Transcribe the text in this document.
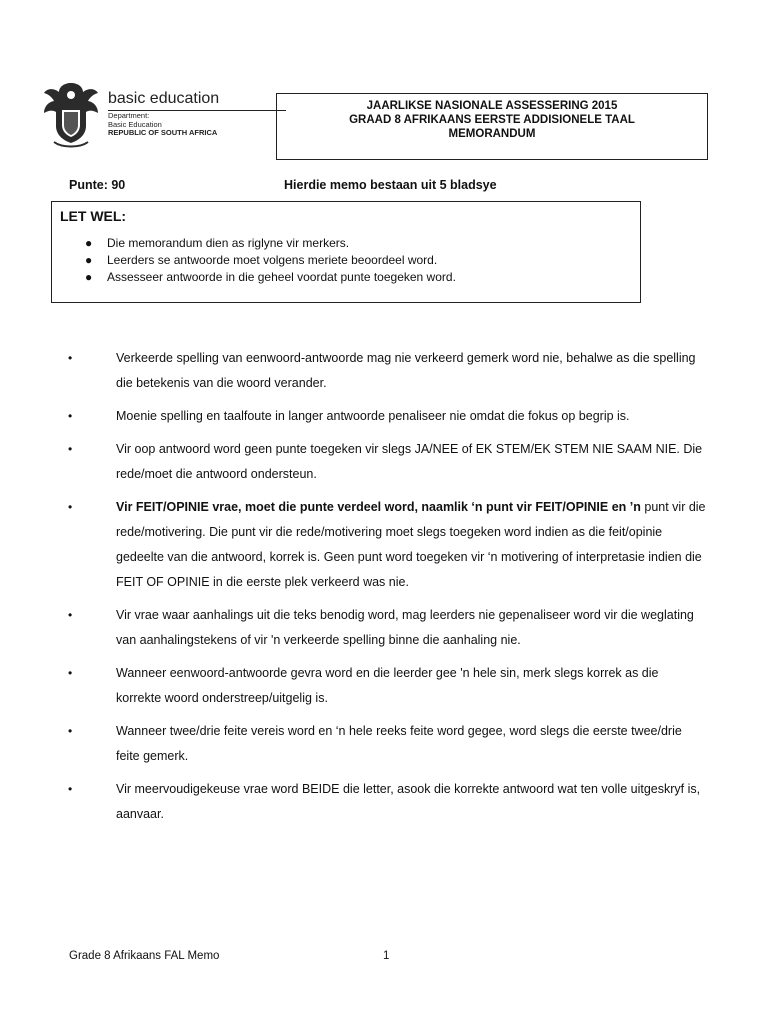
basic education
Department:
Basic Education
REPUBLIC OF SOUTH AFRICA
JAARLIKSE NASIONALE ASSESSERING 2015
GRAAD 8 AFRIKAANS EERSTE ADDISIONELE TAAL
MEMORANDUM
Punte: 90	Hierdie memo bestaan uit 5 bladsye
LET WEL:
● Die memorandum dien as riglyne vir merkers.
● Leerders se antwoorde moet volgens meriete beoordeel word.
● Assesseer antwoorde in die geheel voordat punte toegeken word.
•	Verkeerde spelling van eenwoord-antwoorde mag nie verkeerd gemerk word nie, behalwe as die spelling die betekenis van die woord verander.
•	Moenie spelling en taalfoute in langer antwoorde penaliseer nie omdat die fokus op begrip is.
•	Vir oop antwoord word geen punte toegeken vir slegs JA/NEE of EK STEM/EK STEM NIE SAAM NIE. Die rede/moet die antwoord ondersteun.
•	Vir FEIT/OPINIE vrae, moet die punte verdeel word, naamlik ‘n punt vir FEIT/OPINIE en ’n punt vir die rede/motivering. Die punt vir die rede/motivering moet slegs toegeken word indien as die feit/opinie gedeelte van die antwoord, korrek is. Geen punt word toegeken vir ‘n motivering of interpretasie indien die FEIT OF OPINIE in die eerste plek verkeerd was nie.
•	Vir vrae waar aanhalings uit die teks benodig word, mag leerders nie gepenaliseer word vir die weglating van aanhalingstekens of vir 'n verkeerde spelling binne die aanhaling nie.
•	Wanneer eenwoord-antwoorde gevra word en die leerder gee 'n hele sin, merk slegs korrek as die korrekte woord onderstreep/uitgelig is.
•	Wanneer twee/drie feite vereis word en ‘n hele reeks feite word gegee, word slegs die eerste twee/drie feite gemerk.
•	Vir meervoudigekeuse vrae word BEIDE die letter, asook die korrekte antwoord wat ten volle uitgeskryf is, aanvaar.
Grade 8 Afrikaans FAL Memo	1
